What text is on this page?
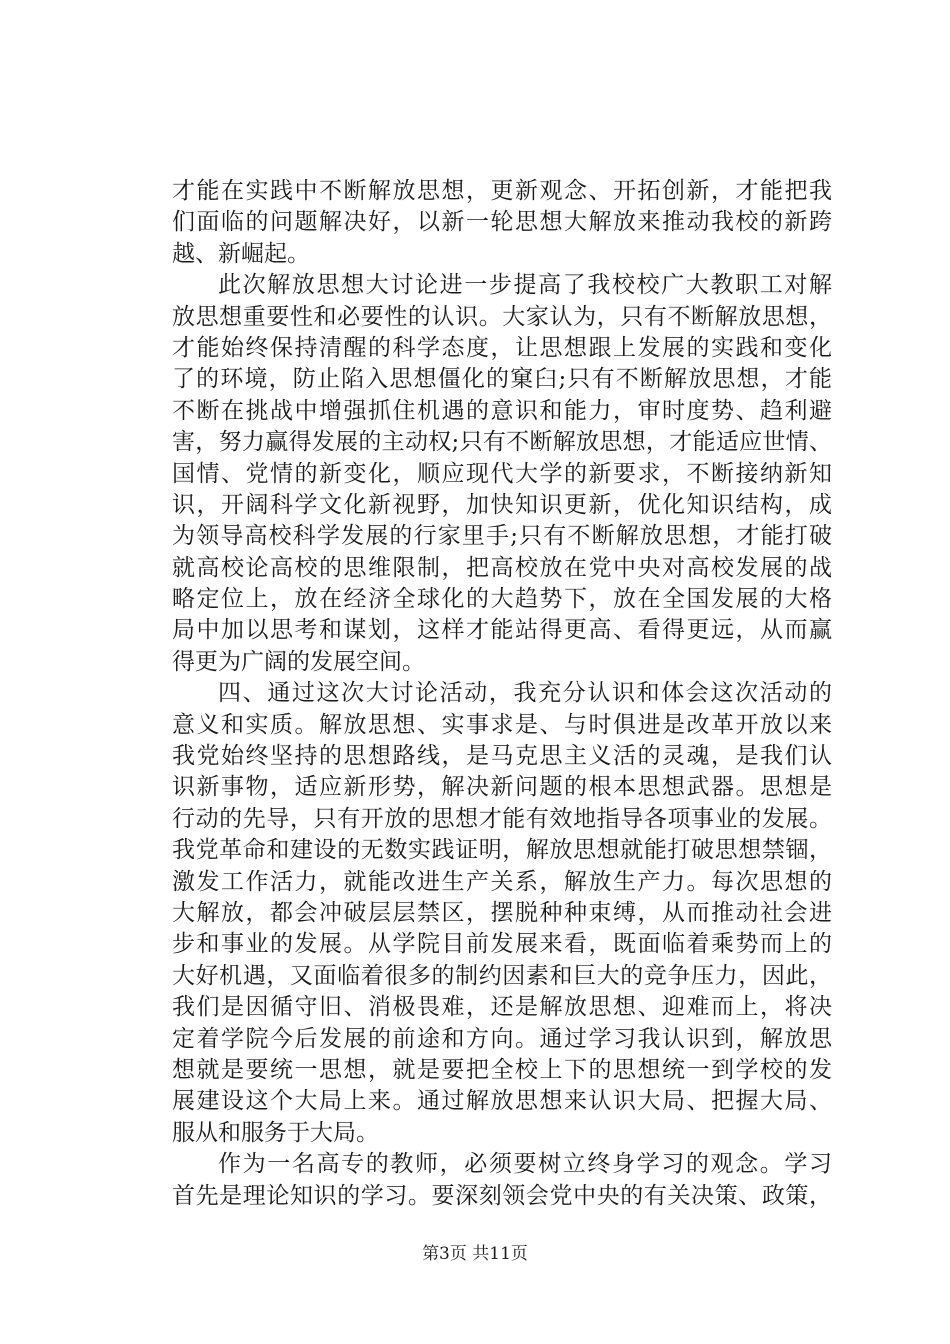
才能在实践中不断解放思想，更新观念、开拓创新，才能把我
们面临的问题解决好，以新一轮思想大解放来推动我校的新跨
越、新崛起。
此次解放思想大讨论进一步提高了我校校广大教职工对解
放思想重要性和必要性的认识。大家认为，只有不断解放思想，
才能始终保持清醒的科学态度，让思想跟上发展的实践和变化
了的环境，防止陷入思想僵化的窠臼;只有不断解放思想，才能
不断在挑战中增强抓住机遇的意识和能力，审时度势、趋利避
害，努力赢得发展的主动权;只有不断解放思想，才能适应世情、
国情、党情的新变化，顺应现代大学的新要求，不断接纳新知
识，开阔科学文化新视野，加快知识更新，优化知识结构，成
为领导高校科学发展的行家里手;只有不断解放思想，才能打破
就高校论高校的思维限制，把高校放在党中央对高校发展的战
略定位上，放在经济全球化的大趋势下，放在全国发展的大格
局中加以思考和谋划，这样才能站得更高、看得更远，从而赢
得更为广阔的发展空间。
四、通过这次大讨论活动，我充分认识和体会这次活动的
意义和实质。解放思想、实事求是、与时俱进是改革开放以来
我党始终坚持的思想路线，是马克思主义活的灵魂，是我们认
识新事物，适应新形势，解决新问题的根本思想武器。思想是
行动的先导，只有开放的思想才能有效地指导各项事业的发展。
我党革命和建设的无数实践证明，解放思想就能打破思想禁锢，
激发工作活力，就能改进生产关系，解放生产力。每次思想的
大解放，都会冲破层层禁区，摆脱种种束缚，从而推动社会进
步和事业的发展。从学院目前发展来看，既面临着乘势而上的
大好机遇，又面临着很多的制约因素和巨大的竞争压力，因此，
我们是因循守旧、消极畏难，还是解放思想、迎难而上，将决
定着学院今后发展的前途和方向。通过学习我认识到，解放思
想就是要统一思想，就是要把全校上下的思想统一到学校的发
展建设这个大局上来。通过解放思想来认识大局、把握大局、
服从和服务于大局。
作为一名高专的教师，必须要树立终身学习的观念。学习
首先是理论知识的学习。要深刻领会党中央的有关决策、政策，
第3页 共11页
